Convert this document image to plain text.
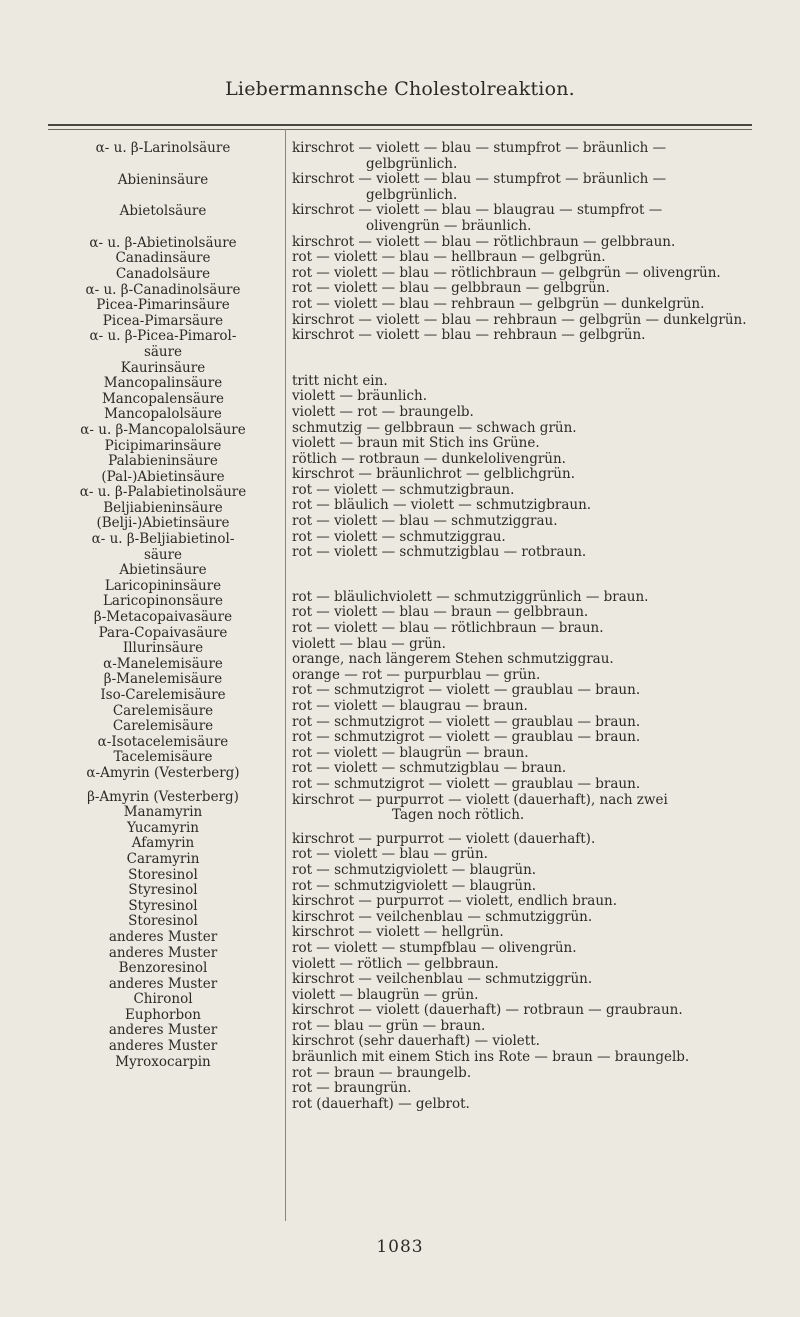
Liebermannsche Cholestolreaktion.
α- u. β-Larinolsäure
Abieninsäure
Abietolsäure
α- u. β-Abietinolsäure
Canadinsäure
Canadolsäure
α- u. β-Canadinolsäure
Picea-Pimarinsäure
Picea-Pimarsäure
α- u. β-Picea-Pimarol-
säure
Kaurinsäure
Mancopalinsäure
Mancopalensäure
Mancopalolsäure
α- u. β-Mancopalolsäure
Picipimarinsäure
Palabieninsäure
(Pal-)Abietinsäure
α- u. β-Palabietinolsäure
Beljiabieninsäure
(Belji-)Abietinsäure
α- u. β-Beljiabietinol-
säure
Abietinsäure
Laricopininsäure
Laricopinonsäure
β-Metacopaivasäure
Para-Copaivasäure
Illurinsäure
α-Manelemisäure
β-Manelemisäure
Iso-Carelemisäure
Carelemisäure
Carelemisäure
α-Isotacelemisäure
Tacelemisäure
α-Amyrin (Vesterberg)
β-Amyrin (Vesterberg)
Manamyrin
Yucamyrin
Afamyrin
Caramyrin
Storesinol
Styresinol
Styresinol
Storesinol
anderes Muster
anderes Muster
Benzoresinol
anderes Muster
Chironol
Euphorbon
anderes Muster
anderes Muster
Myroxocarpin
kirschrot — violett — blau — stumpfrot — bräunlich —
gelbgrünlich.
kirschrot — violett — blau — stumpfrot — bräunlich —
gelbgrünlich.
kirschrot — violett — blau — blaugrau — stumpfrot —
olivengrün — bräunlich.
kirschrot — violett — blau — rötlichbraun — gelbbraun.
rot — violett — blau — hellbraun — gelbgrün.
rot — violett — blau — rötlichbraun — gelbgrün — olivengrün.
rot — violett — blau — gelbbraun — gelbgrün.
rot — violett — blau — rehbraun — gelbgrün — dunkelgrün.
kirschrot — violett — blau — rehbraun — gelbgrün — dunkelgrün.
kirschrot — violett — blau — rehbraun — gelbgrün.
tritt nicht ein.
violett — bräunlich.
violett — rot — braungelb.
schmutzig — gelbbraun — schwach grün.
violett — braun mit Stich ins Grüne.
rötlich — rotbraun — dunkelolivengrün.
kirschrot — bräunlichrot — gelblichgrün.
rot — violett — schmutzigbraun.
rot — bläulich — violett — schmutzigbraun.
rot — violett — blau — schmutziggrau.
rot — violett — schmutziggrau.
rot — violett — schmutzigblau — rotbraun.
rot — bläulichviolett — schmutziggrünlich — braun.
rot — violett — blau — braun — gelbbraun.
rot — violett — blau — rötlichbraun — braun.
violett — blau — grün.
orange, nach längerem Stehen schmutziggrau.
orange — rot — purpurblau — grün.
rot — schmutzigrot — violett — graublau — braun.
rot — violett — blaugrau — braun.
rot — schmutzigrot — violett — graublau — braun.
rot — schmutzigrot — violett — graublau — braun.
rot — violett — blaugrün — braun.
rot — violett — schmutzigblau — braun.
rot — schmutzigrot — violett — graublau — braun.
kirschrot — purpurrot — violett (dauerhaft), nach zwei
Tagen noch rötlich.
kirschrot — purpurrot — violett (dauerhaft).
rot — violett — blau — grün.
rot — schmutzigviolett — blaugrün.
rot — schmutzigviolett — blaugrün.
kirschrot — purpurrot — violett, endlich braun.
kirschrot — veilchenblau — schmutziggrün.
kirschrot — violett — hellgrün.
rot — violett — stumpfblau — olivengrün.
violett — rötlich — gelbbraun.
kirschrot — veilchenblau — schmutziggrün.
violett — blaugrün — grün.
kirschrot — violett (dauerhaft) — rotbraun — graubraun.
rot — blau — grün — braun.
kirschrot (sehr dauerhaft) — violett.
bräunlich mit einem Stich ins Rote — braun — braungelb.
rot — braun — braungelb.
rot — braungrün.
rot (dauerhaft) — gelbrot.
1083
